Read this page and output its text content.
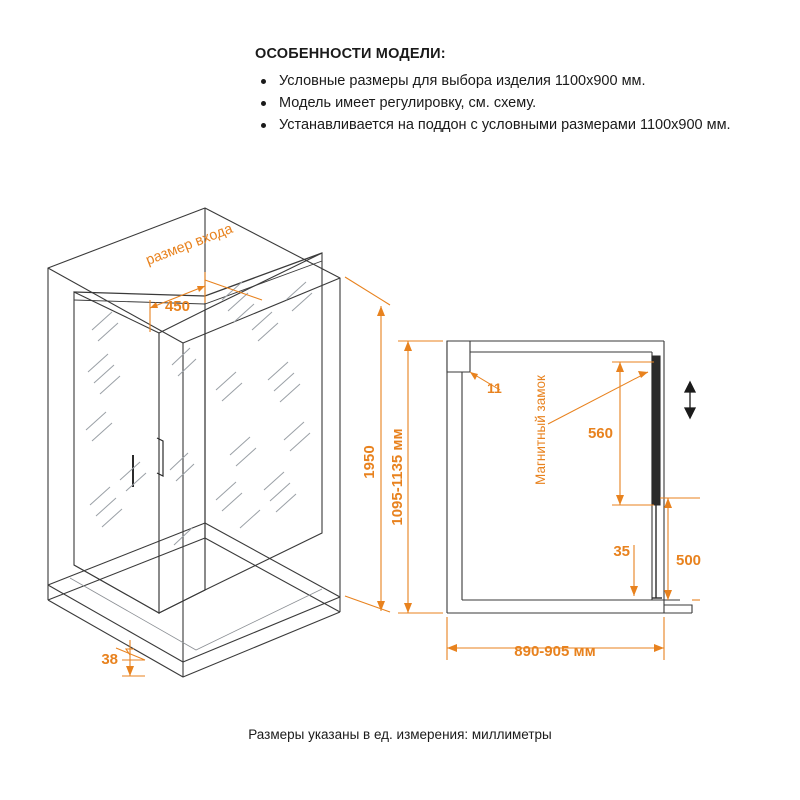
ОСОБЕННОСТИ МОДЕЛИ:
Условные размеры для выбора изделия 1100х900 мм.
Модель имеет регулировку, см. схему.
Устанавливается на поддон с условными размерами 1100х900 мм.
450
размер входа
1950
38
11 Магнитный замок	560
35
500
1095-1135 мм
890-905 мм
Размеры указаны в ед. измерения: миллиметры
